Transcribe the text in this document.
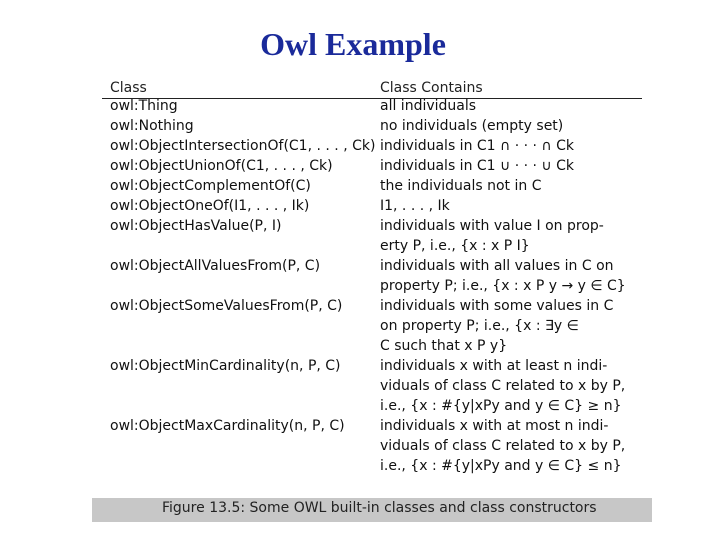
Owl Example
Class	Class Contains
owl:Thing	all individuals
owl:Nothing	no individuals (empty set)
owl:ObjectIntersectionOf(C1, . . . , Ck) individuals in C1 ∩ · · · ∩ Ck
owl:ObjectUnionOf(C1, . . . , Ck)	individuals in C1 ∪ · · · ∪ Ck
owl:ObjectComplementOf(C)	the individuals not in C
owl:ObjectOneOf(I1, . . . , Ik)	I1, . . . , Ik
owl:ObjectHasValue(P, I)	individuals with value I on prop-
erty P, i.e., {x : x P I}
owl:ObjectAllValuesFrom(P, C)	individuals with all values in C on
property P; i.e., {x : x P y → y ∈ C}
owl:ObjectSomeValuesFrom(P, C)	individuals with some values in C
on property P; i.e., {x : ∃y ∈
C such that x P y}
owl:ObjectMinCardinality(n, P, C)	individuals x with at least n indi-
viduals of class C related to x by P,
i.e., {x : #{y|xPy and y ∈ C} ≥ n}
owl:ObjectMaxCardinality(n, P, C)	individuals x with at most n indi-
viduals of class C related to x by P,
i.e., {x : #{y|xPy and y ∈ C} ≤ n}
Figure 13.5: Some OWL built-in classes and class constructors
